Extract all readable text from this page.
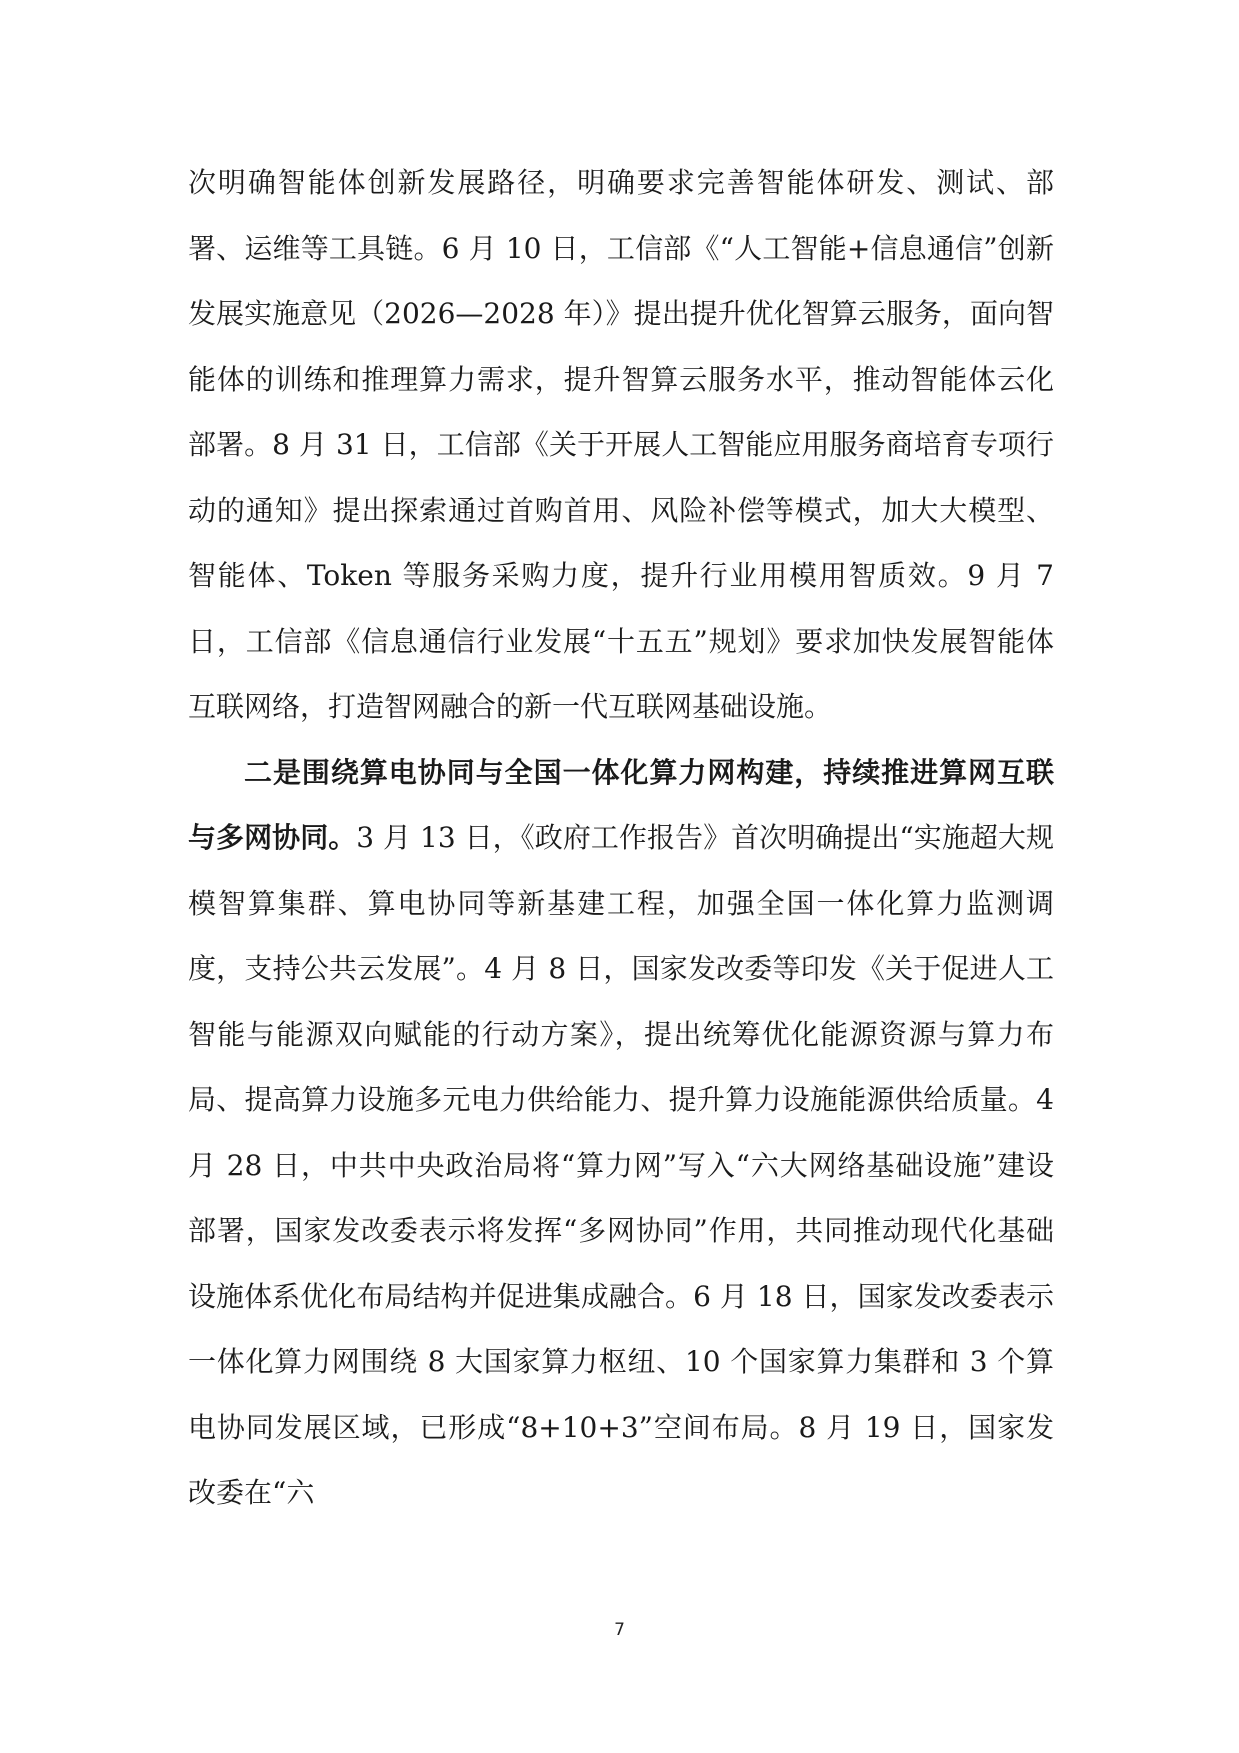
次明确智能体创新发展路径，明确要求完善智能体研发、测试、部署、运维等工具链。6 月 10 日，工信部《“人工智能+信息通信”创新发展实施意见（2026—2028 年）》提出提升优化智算云服务，面向智能体的训练和推理算力需求，提升智算云服务水平，推动智能体云化部署。8 月 31 日，工信部《关于开展人工智能应用服务商培育专项行动的通知》提出探索通过首购首用、风险补偿等模式，加大大模型、智能体、Token 等服务采购力度，提升行业用模用智质效。9 月 7 日，工信部《信息通信行业发展“十五五”规划》要求加快发展智能体互联网络，打造智网融合的新一代互联网基础设施。

二是围绕算电协同与全国一体化算力网构建，持续推进算网互联与多网协同。3 月 13 日，《政府工作报告》首次明确提出“实施超大规模智算集群、算电协同等新基建工程，加强全国一体化算力监测调度，支持公共云发展”。4 月 8 日，国家发改委等印发《关于促进人工智能与能源双向赋能的行动方案》，提出统筹优化能源资源与算力布局、提高算力设施多元电力供给能力、提升算力设施能源供给质量。4 月 28 日，中共中央政治局将“算力网”写入“六大网络基础设施”建设部署，国家发改委表示将发挥“多网协同”作用，共同推动现代化基础设施体系优化布局结构并促进集成融合。6 月 18 日，国家发改委表示一体化算力网围绕 8 大国家算力枢纽、10 个国家算力集群和 3 个算电协同发展区域，已形成“8+10+3”空间布局。8 月 19 日，国家发改委在“六

7
